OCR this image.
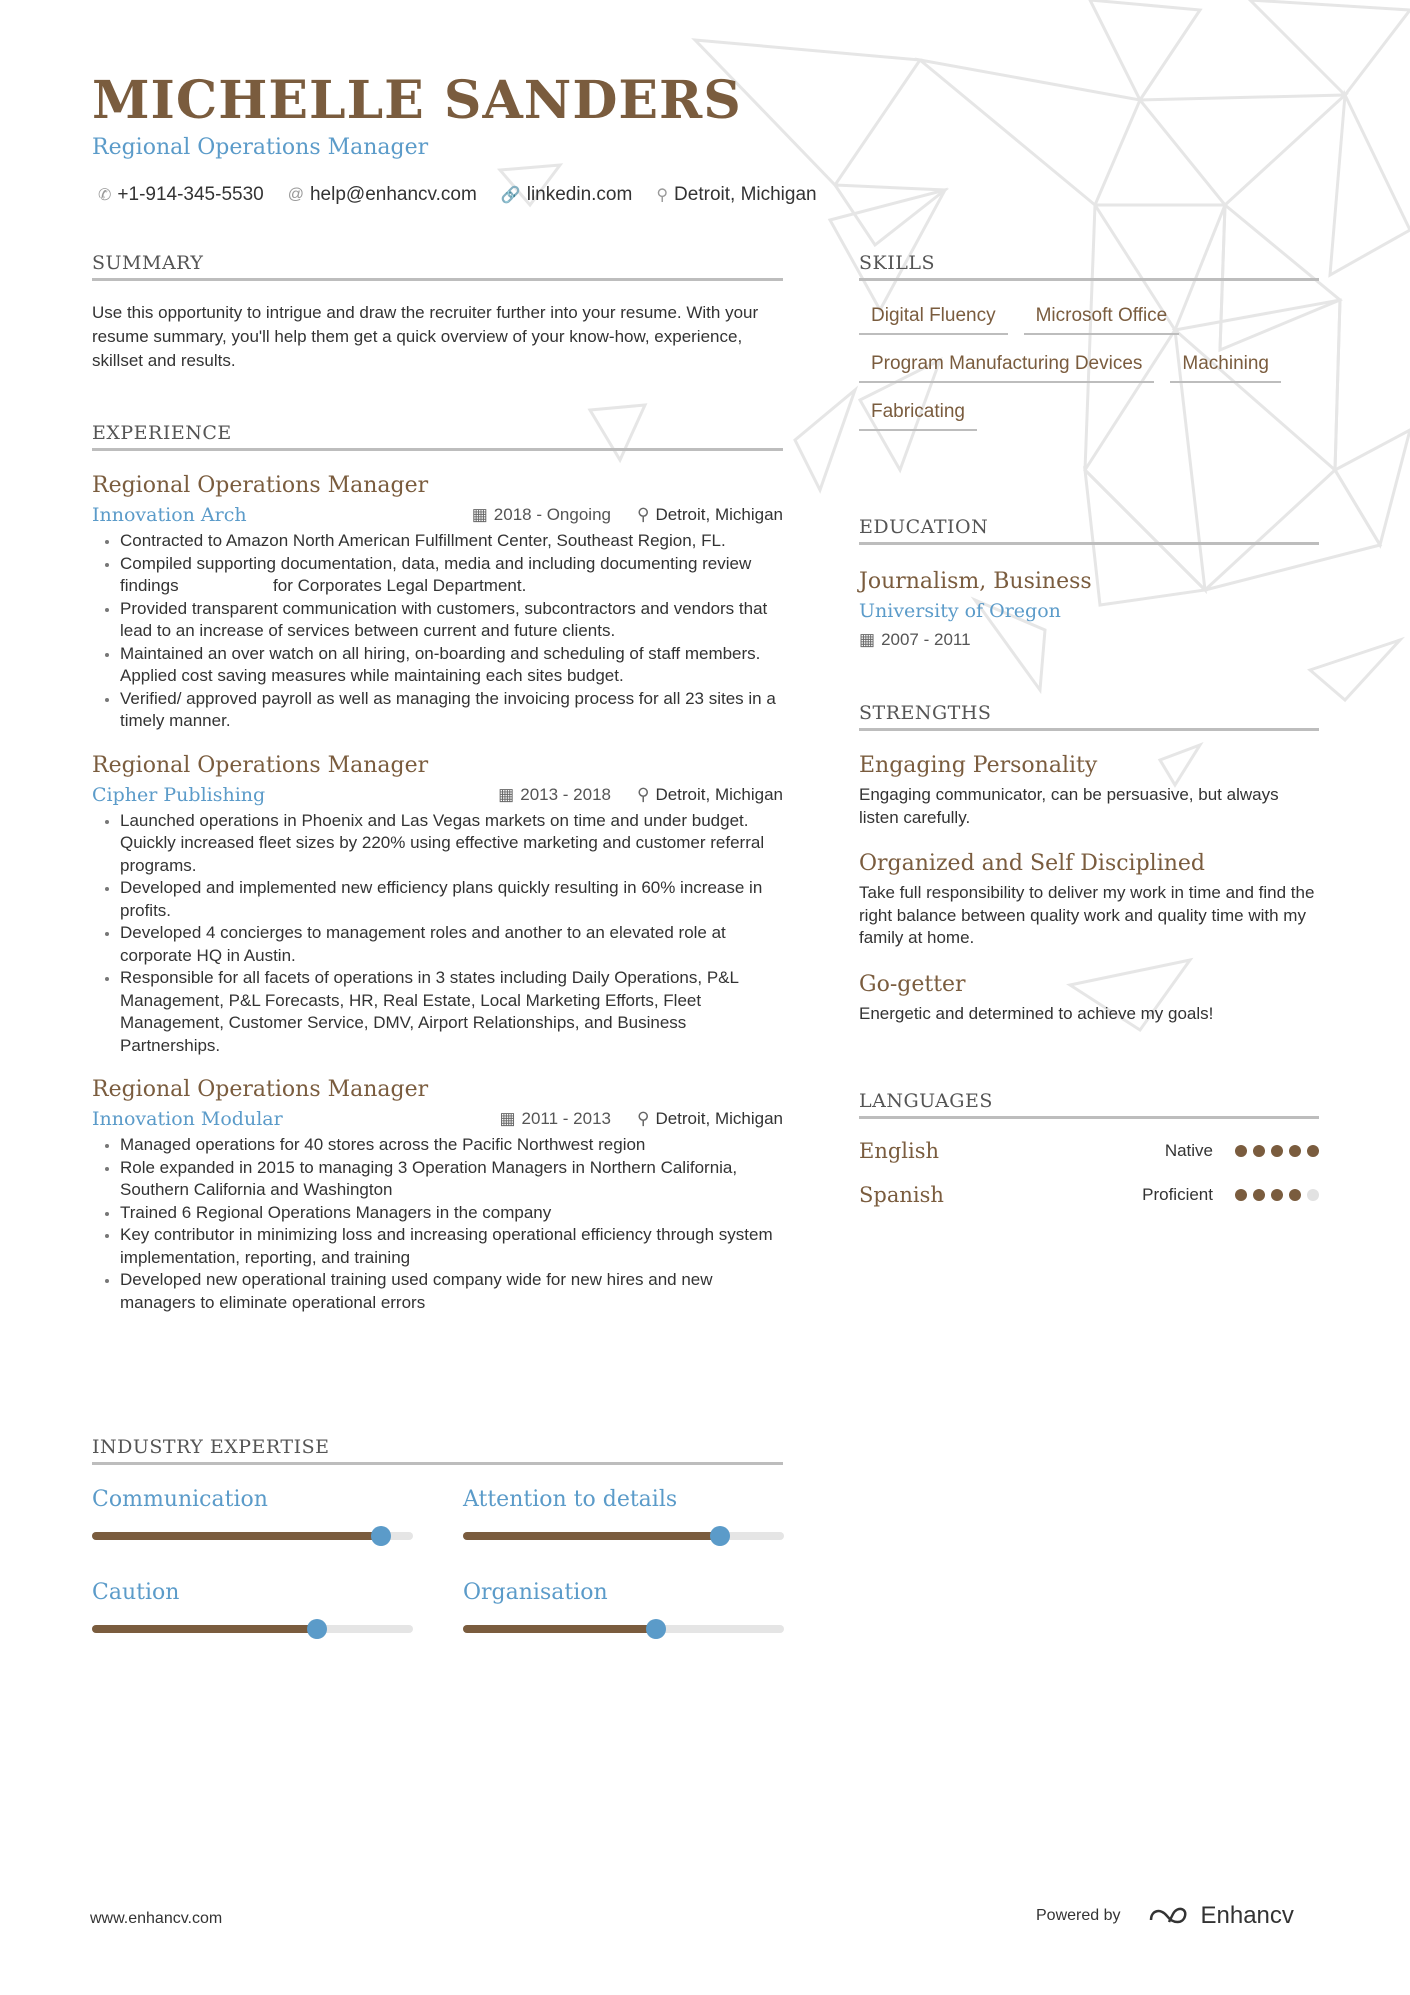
MICHELLE SANDERS
Regional Operations Manager
✆ +1-914-345-5530 @ help@enhancv.com 🔗 linkedin.com ⚲ Detroit, Michigan
SUMMARY
Use this opportunity to intrigue and draw the recruiter further into your resume. With your resume summary, you'll help them get a quick overview of your know-how, experience, skillset and results.
EXPERIENCE
Regional Operations Manager
Innovation Arch	▦ 2018 - Ongoing ⚲ Detroit, Michigan
• Contracted to Amazon North American Fulfillment Center, Southeast Region, FL.
• Compiled supporting documentation, data, media and including documenting review findings                    for Corporates Legal Department.
• Provided transparent communication with customers, subcontractors and vendors that lead to an increase of services between current and future clients.
• Maintained an over watch on all hiring, on-boarding and scheduling of staff members. Applied cost saving measures while maintaining each sites budget.
• Verified/ approved payroll as well as managing the invoicing process for all 23 sites in a timely manner.
Regional Operations Manager
Cipher Publishing	▦ 2013 - 2018 ⚲ Detroit, Michigan
• Launched operations in Phoenix and Las Vegas markets on time and under budget.  Quickly increased fleet sizes by 220% using effective marketing and customer referral programs.
• Developed and implemented new efficiency plans quickly resulting in 60% increase in profits.
• Developed 4 concierges to management roles and another to an elevated role at corporate HQ in Austin.
• Responsible for all facets of operations in 3 states including Daily Operations, P&L  Management, P&L Forecasts, HR, Real Estate, Local Marketing Efforts, Fleet Management, Customer Service, DMV, Airport Relationships, and Business Partnerships.
Regional Operations Manager
Innovation Modular	▦ 2011 - 2013 ⚲ Detroit, Michigan
• Managed operations for 40 stores across the Pacific Northwest region
• Role expanded in 2015 to managing 3 Operation Managers in Northern California, Southern California and Washington
• Trained 6 Regional Operations Managers in the company
• Key contributor in minimizing loss and increasing operational efficiency through system implementation, reporting, and training
• Developed new operational training used company wide for new hires and new managers to eliminate operational errors
INDUSTRY EXPERTISE
Communication	Attention to details
Caution	Organisation
SKILLS
Digital Fluency	Microsoft Office
Program Manufacturing Devices	Machining
Fabricating
EDUCATION
Journalism, Business
University of Oregon
▦ 2007 - 2011
STRENGTHS
Engaging Personality
Engaging communicator, can be persuasive, but always listen carefully.
Organized and Self Disciplined
Take full responsibility to deliver my work in time and find the right balance between quality work and quality time with my family at home.
Go-getter
Energetic and determined to achieve my goals!
LANGUAGES
English	Native
Spanish	Proficient
www.enhancv.com	Powered by	Enhancv
